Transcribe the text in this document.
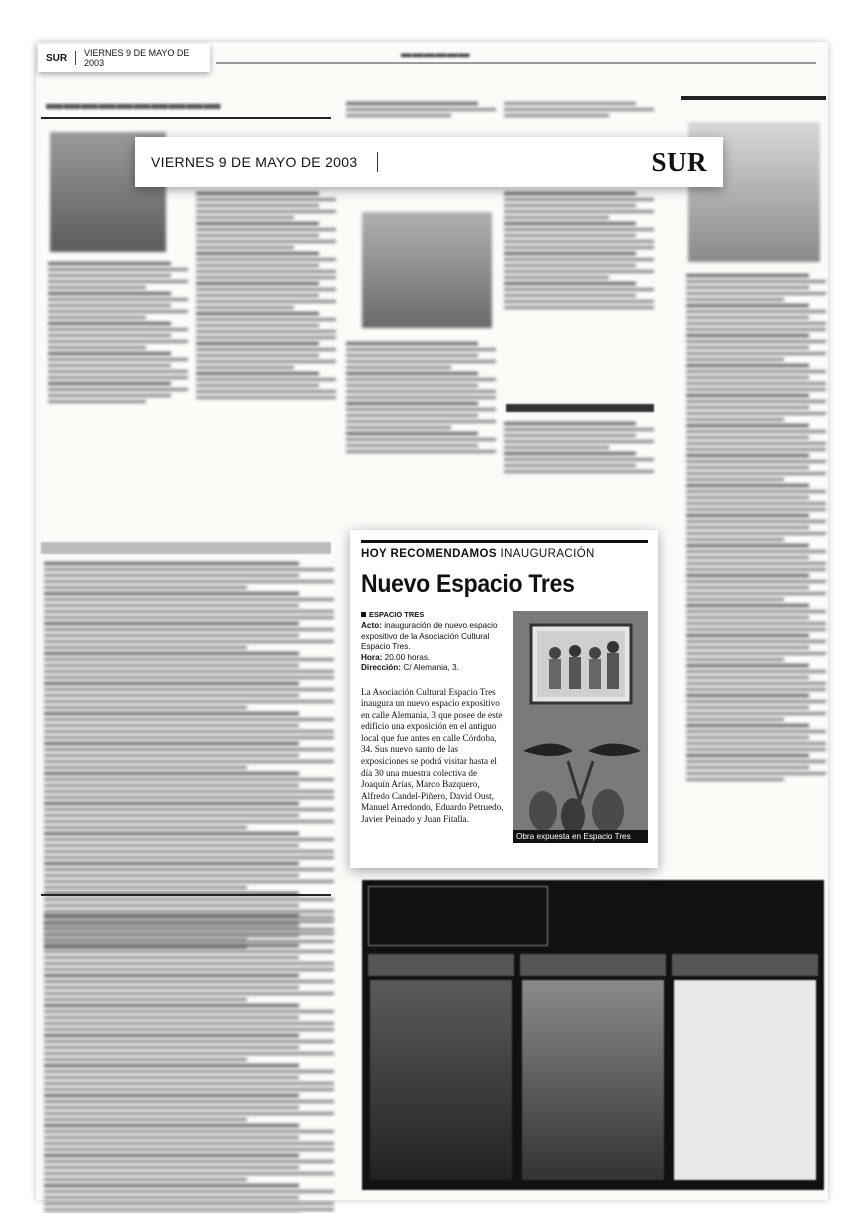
▬▬▬▬▬▬
▬▬▬▬▬▬▬▬▬▬
SUR VIERNES 9 DE MAYO DE 2003
VIERNES 9 DE MAYO DE 2003	SUR
HOY RECOMENDAMOS INAUGURACIÓN
Nuevo Espacio Tres
ESPACIO TRES
Acto: inauguración de nuevo espacio expositivo de la Asociación Cultural Espacio Tres.
Hora: 20.00 horas.
Dirección: C/ Alemania, 3.
La Asociación Cultural Espacio Tres inaugura un nuevo espacio expositivo en calle Alemania, 3 que posee de este edificio una exposición en el antiguo local que fue antes en calle Córdoba, 34. Sus nuevo santo de las exposiciones se podrá visitar hasta el día 30 una muestra colectiva de Joaquín Arias, Marco Bazquero, Alfredo Candel-Piñero, David Oust, Manuel Arredondo, Eduardo Petruedo, Javier Peinado y Juan Fitalla.
Obra expuesta en Espacio Tres
